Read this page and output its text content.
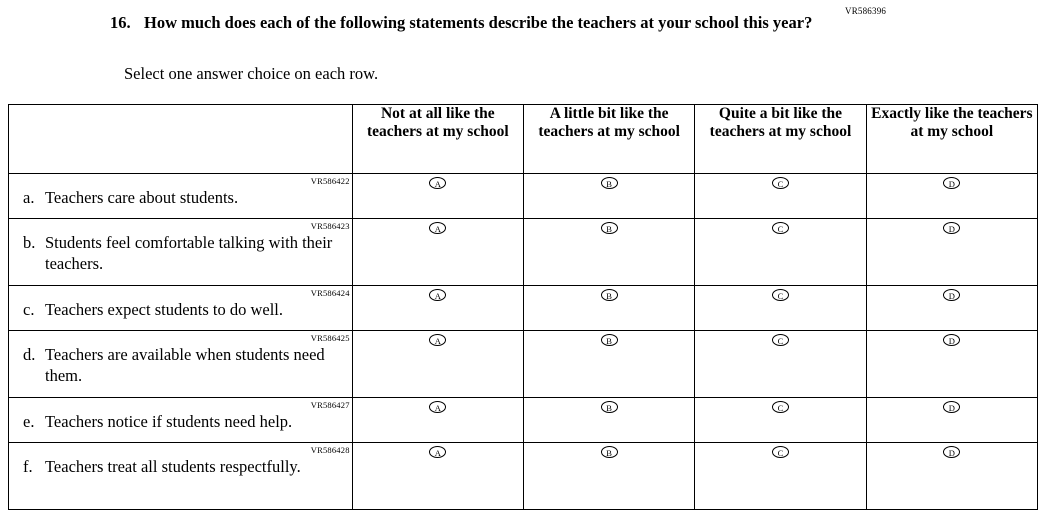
VR586396
16. How much does each of the following statements describe the teachers at your school this year?
Select one answer choice on each row.
	Not at all like the teachers at my school	A little bit like the teachers at my school	Quite a bit like the teachers at my school	Exactly like the teachers at my school

VR586422
a. Teachers care about students.	A	B	C	D

VR586423
b. Students feel comfortable talking with their teachers.	A	B	C	D

VR586424
c. Teachers expect students to do well.	A	B	C	D

VR586425
d. Teachers are available when students need them.	A	B	C	D

VR586427
e. Teachers notice if students need help.	A	B	C	D

VR586428
f. Teachers treat all students respectfully.	A	B	C	D
